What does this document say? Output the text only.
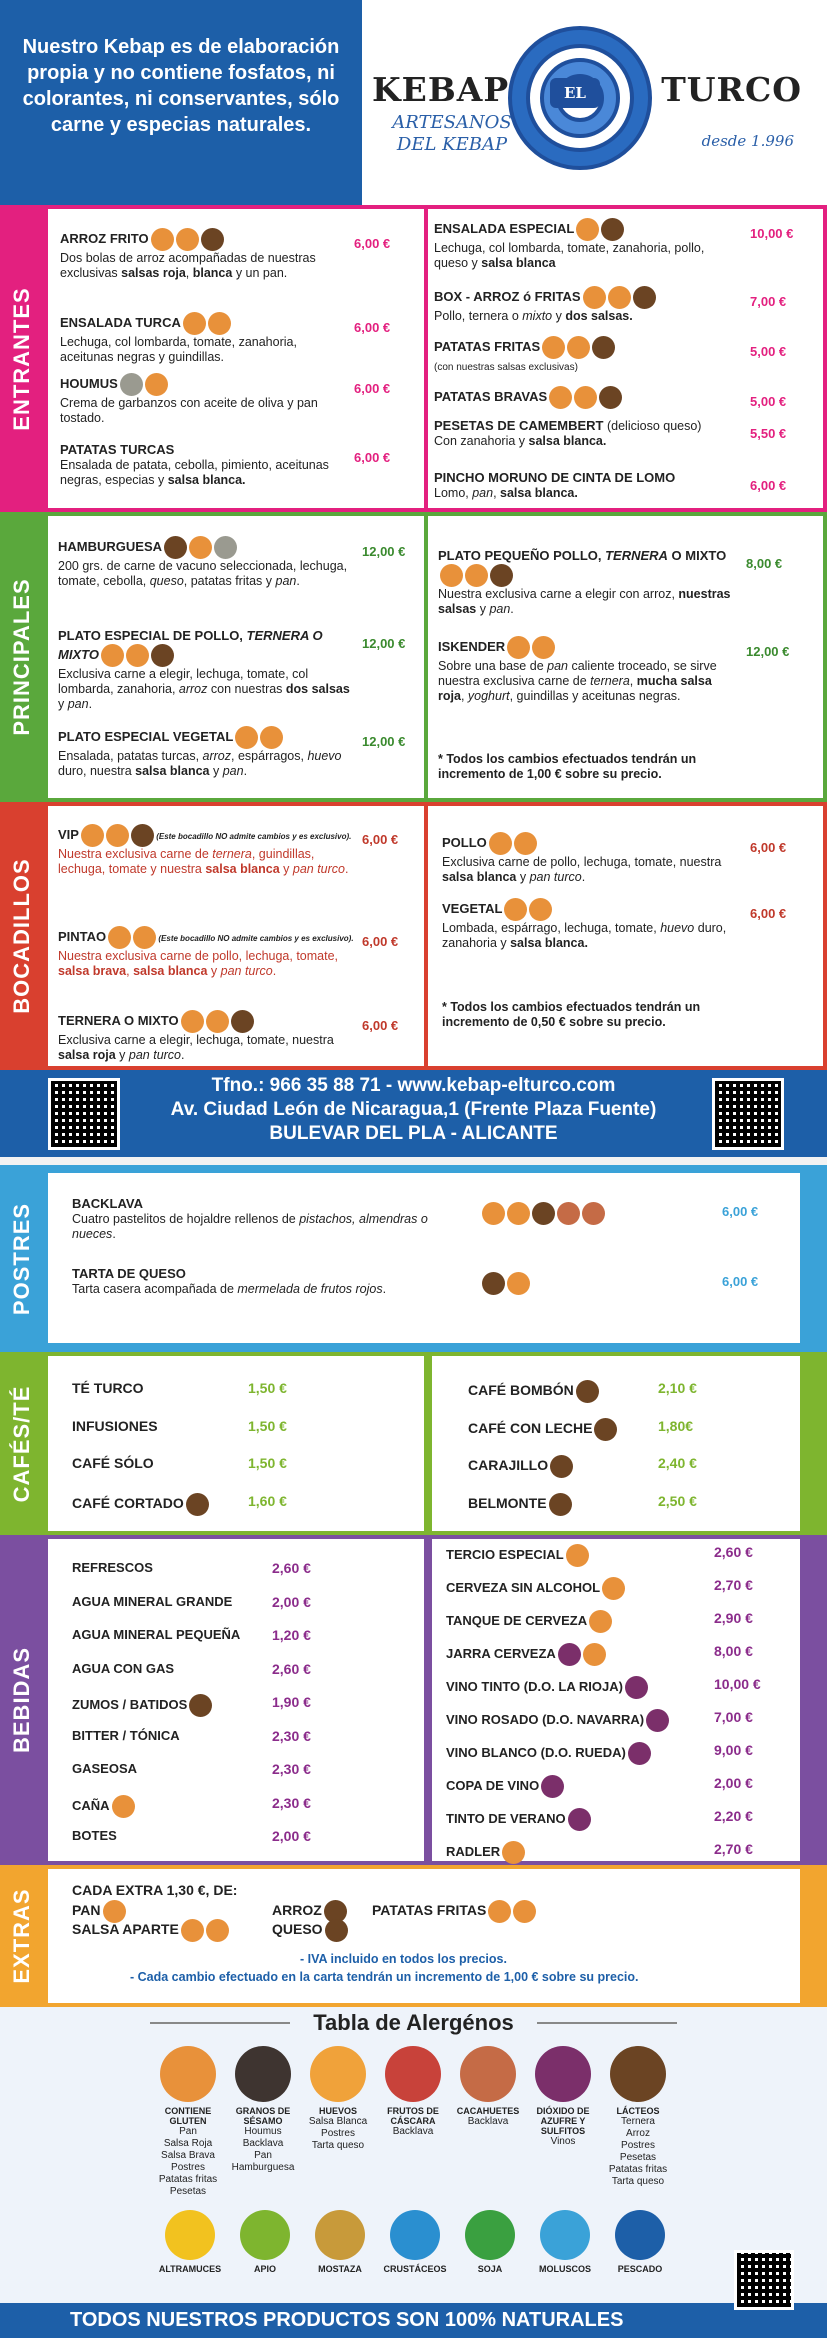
Nuestro Kebap es de elaboración propia y no contiene fosfatos, ni colorantes, ni conservantes, sólo carne y especias naturales.
KEBAP	EL	TURCO
ARTESANOS DEL KEBAP	desde 1.996
ENTRANTES
PRINCIPALES
BOCADILLOS
Tfno.: 966 35 88 71 - www.kebap-elturco.com
Av. Ciudad León de Nicaragua,1 (Frente Plaza Fuente)
BULEVAR DEL PLA - ALICANTE
POSTRES
CAFÉS/TÉ
BEBIDAS
EXTRAS
Tabla de Alergénos
TODOS NUESTROS PRODUCTOS SON 100% NATURALES
ARROZ FRITO
Dos bolas de arroz acompañadas de nuestras exclusivas salsas roja, blanca y un pan.
6,00 €
ENSALADA TURCA
Lechuga, col lombarda, tomate, zanahoria, aceitunas negras y guindillas.
6,00 €
HOUMUS
Crema de garbanzos con aceite de oliva y pan tostado.
6,00 €
PATATAS TURCAS
Ensalada de patata, cebolla, pimiento, aceitunas negras, especias y salsa blanca.
6,00 €
ENSALADA ESPECIAL
Lechuga, col lombarda, tomate, zanahoria, pollo, queso y salsa blanca
10,00 €
BOX - ARROZ ó FRITAS
Pollo, ternera o mixto y dos salsas.
7,00 €
PATATAS FRITAS
(con nuestras salsas exclusivas)
5,00 €
PATATAS BRAVAS	5,00 €
PESETAS DE CAMEMBERT (delicioso queso)
Con zanahoria y salsa blanca.	5,50 €
PINCHO MORUNO DE CINTA DE LOMO
Lomo, pan, salsa blanca.	6,00 €
HAMBURGUESA
200 grs. de carne de vacuno seleccionada, lechuga, tomate, cebolla, queso, patatas fritas y pan.
12,00 €
PLATO ESPECIAL DE POLLO, TERNERA O MIXTO
Exclusiva carne a elegir, lechuga, tomate, col lombarda, zanahoria, arroz con nuestras dos salsas y pan.
12,00 €
PLATO ESPECIAL VEGETAL
Ensalada, patatas turcas, arroz, espárragos, huevo duro, nuestra salsa blanca y pan.
12,00 €
PLATO PEQUEÑO POLLO, TERNERA O MIXTO
Nuestra exclusiva carne a elegir con arroz, nuestras salsas y pan.
8,00 €
ISKENDER
Sobre una base de pan caliente troceado, se sirve nuestra exclusiva carne de ternera, mucha salsa roja, yoghurt, guindillas y aceitunas negras.
12,00 €
* Todos los cambios efectuados tendrán un incremento de 1,00 € sobre su precio.
VIP	(Este bocadillo NO admite cambios y es exclusivo).
Nuestra exclusiva carne de ternera, guindillas, lechuga, tomate y nuestra salsa blanca y pan turco.
6,00 €
PINTAO	(Este bocadillo NO admite cambios y es exclusivo).
Nuestra exclusiva carne de pollo, lechuga, tomate, salsa brava, salsa blanca y pan turco.
6,00 €
TERNERA O MIXTO
Exclusiva carne a elegir, lechuga, tomate, nuestra salsa roja y pan turco.
6,00 €
POLLO
Exclusiva carne de pollo, lechuga, tomate, nuestra salsa blanca y pan turco.
6,00 €
VEGETAL
Lombada, espárrago, lechuga, tomate, huevo duro, zanahoria y salsa blanca.
6,00 €
* Todos los cambios efectuados tendrán un incremento de 0,50 € sobre su precio.
BACKLAVA
Cuatro pastelitos de hojaldre rellenos de pistachos, almendras o nueces.
6,00 €
TARTA DE QUESO
Tarta casera acompañada de mermelada de frutos rojos.	6,00 €
TÉ TURCO	1,50 €
INFUSIONES	1,50 €
CAFÉ SÓLO	1,50 €
CAFÉ CORTADO	1,60 €
CAFÉ BOMBÓN	2,10 €
CAFÉ CON LECHE	1,80€
CARAJILLO	2,40 €
BELMONTE	2,50 €
REFRESCOS	2,60 €
AGUA MINERAL GRANDE	2,00 €
AGUA MINERAL PEQUEÑA 1,20 €
AGUA CON GAS	2,60 €
ZUMOS / BATIDOS	1,90 €
BITTER / TÓNICA	2,30 €
GASEOSA	2,30 €
CAÑA	2,30 €
BOTES	2,00 €
TERCIO ESPECIAL	2,60 €
CERVEZA SIN ALCOHOL	2,70 €
TANQUE DE CERVEZA	2,90 €
JARRA CERVEZA	8,00 €
VINO TINTO (D.O. LA RIOJA)	10,00 €
VINO ROSADO (D.O. NAVARRA)	7,00 €
VINO BLANCO (D.O. RUEDA)	9,00 €
COPA DE VINO	2,00 €
TINTO DE VERANO	2,20 €
RADLER	2,70 €
CADA EXTRA 1,30 €, DE:
PAN
SALSA APARTE
ARROZ
QUESO
PATATAS FRITAS
- IVA incluido en todos los precios.
- Cada cambio efectuado en la carta tendrán un incremento de 1,00 € sobre su precio.
CONTIENE GLUTEN
Pan
Salsa Roja
Salsa Brava
Postres
Patatas fritas
Pesetas
GRANOS DE SÉSAMO
Houmus
Backlava
Pan
Hamburguesa
HUEVOS
Salsa Blanca
Postres
Tarta queso
FRUTOS DE CÁSCARA
Backlava
CACAHUETES
Backlava
DIÓXIDO DE AZUFRE Y SULFITOS
Vinos
LÁCTEOS
Ternera
Arroz
Postres
Pesetas
Patatas fritas
Tarta queso
ALTRAMUCES	APIO	MOSTAZA	CRUSTÁCEOS	SOJA	MOLUSCOS	PESCADO
